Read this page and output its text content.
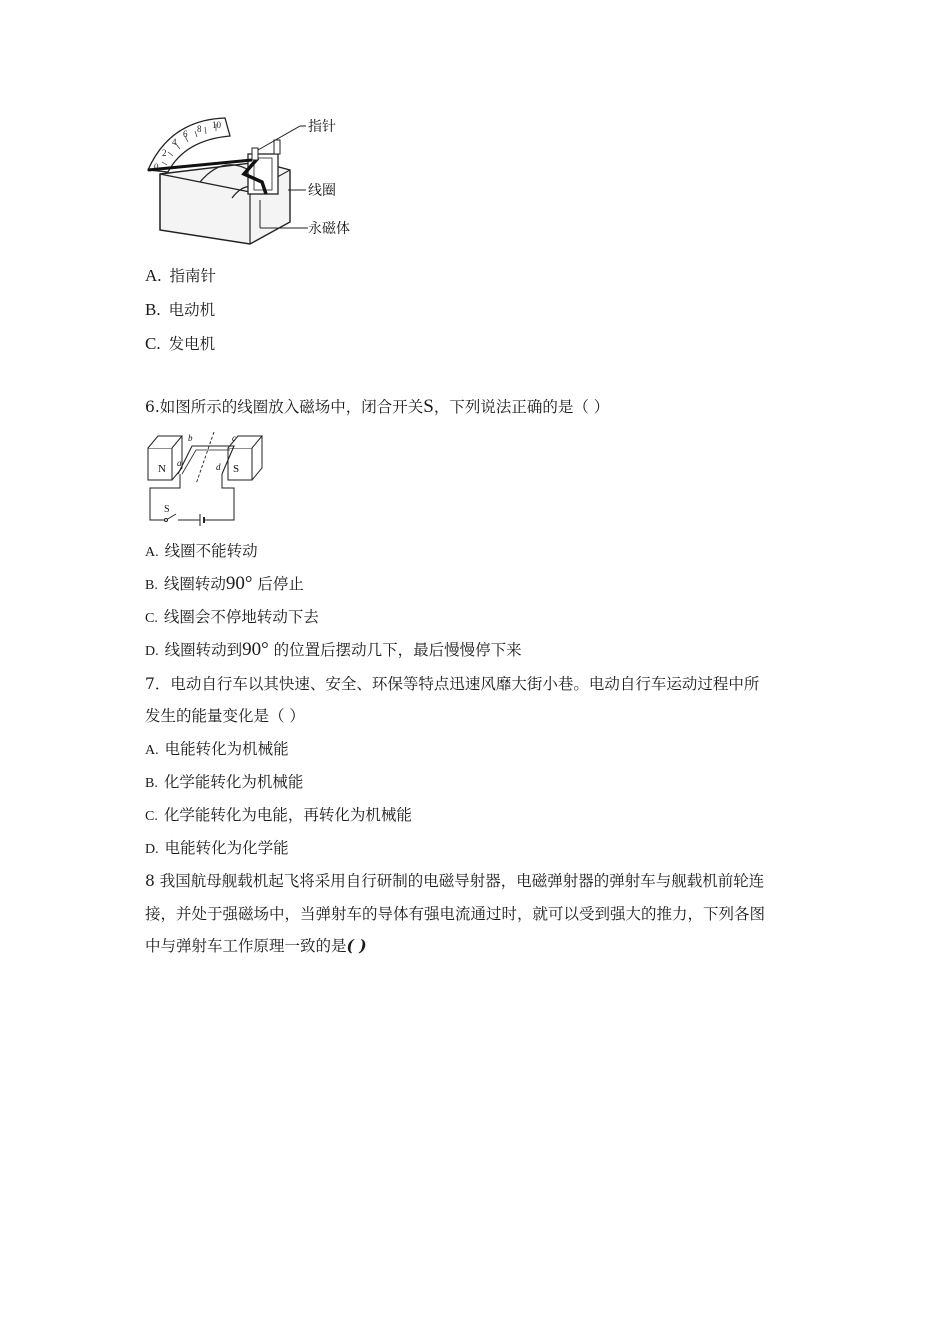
0
2
4
6 8 10	指针
线圈
永磁体
A. 指南针
B. 电动机
C. 发电机
6.如图所示的线圈放入磁场中，闭合开关S，下列说法正确的是（ ）
N	S
a
b	c
d
S
A. 线圈不能转动
B. 线圈转动90° 后停止
C. 线圈会不停地转动下去
D. 线圈转动到90° 的位置后摆动几下，最后慢慢停下来
7．电动自行车以其快速、安全、环保等特点迅速风靡大街小巷。电动自行车运动过程中所
发生的能量变化是（ ）
A. 电能转化为机械能
B. 化学能转化为机械能
C. 化学能转化为电能，再转化为机械能
D. 电能转化为化学能
8 我国航母舰载机起飞将采用自行研制的电磁导射器，电磁弹射器的弹射车与舰载机前轮连
接，并处于强磁场中，当弹射车的导体有强电流通过时，就可以受到强大的推力，下列各图
中与弹射车工作原理一致的是( )
